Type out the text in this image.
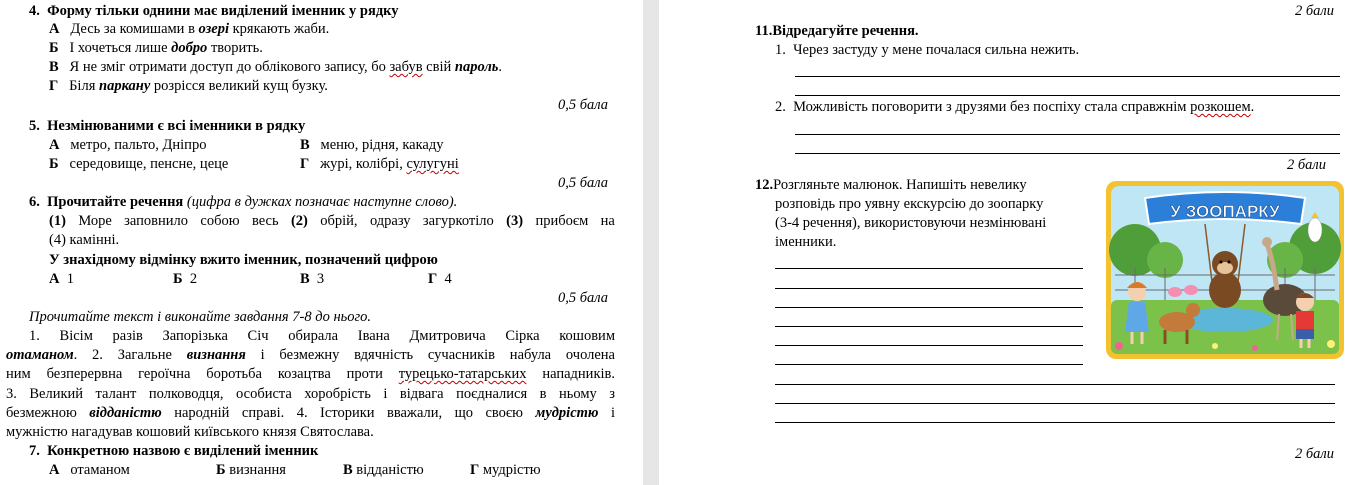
4. Форму тільки однини має виділений іменник у рядку
А Десь за комишами в озері крякають жаби.
Б І хочеться лише добро творить.
В Я не зміг отримати доступ до облікового запису, бо забув свій пароль.
Г Біля паркану розрісся великий кущ бузку.
0,5 бала
5. Незмінюваними є всі іменники в рядку
А метро, пальто, Дніпро	В меню, рідня, какаду
Б середовище, пенсне, цеце	Г журі, колібрі, сулугуні
0,5 бала
6. Прочитайте речення (цифра в дужках позначає наступне слово).
(1) Море заповнило собою весь (2) обрій, одразу загуркотіло (3) прибоєм на
(4) камінні.
У знахідному відмінку вжито іменник, позначений цифрою
А 1	Б 2	В 3	Г 4
0,5 бала
Прочитайте текст і виконайте завдання 7-8 до нього.
1. Вісім разів Запорізька Січ обирала Івана Дмитровича Сірка кошовим
отаманом. 2. Загальне визнання і безмежну вдячність сучасників набула очолена
ним безперервна героїчна боротьба козацтва проти турецько-татарських нападників.
3. Великий талант полководця, особиста хоробрість і відвага поєдналися в ньому з
безмежною відданістю народній справі. 4. Історики вважали, що своєю мудрістю і
мужністю нагадував кошовий київського князя Святослава.
7. Конкретною назвою є виділений іменник
А отаманом	Б визнання	В відданістю	Г мудрістю
2 бали
11.Відредагуйте речення.
1. Через застуду у мене почалася сильна нежить.
2. Можливість поговорити з друзями без поспіху стала справжнім розкошем.
2 бали
12.Розгляньте малюнок. Напишіть невелику
розповідь про уявну екскурсію до зоопарку
(3-4 речення), використовуючи незмінювані
іменники.
У ЗООПАРКУ
2 бали
